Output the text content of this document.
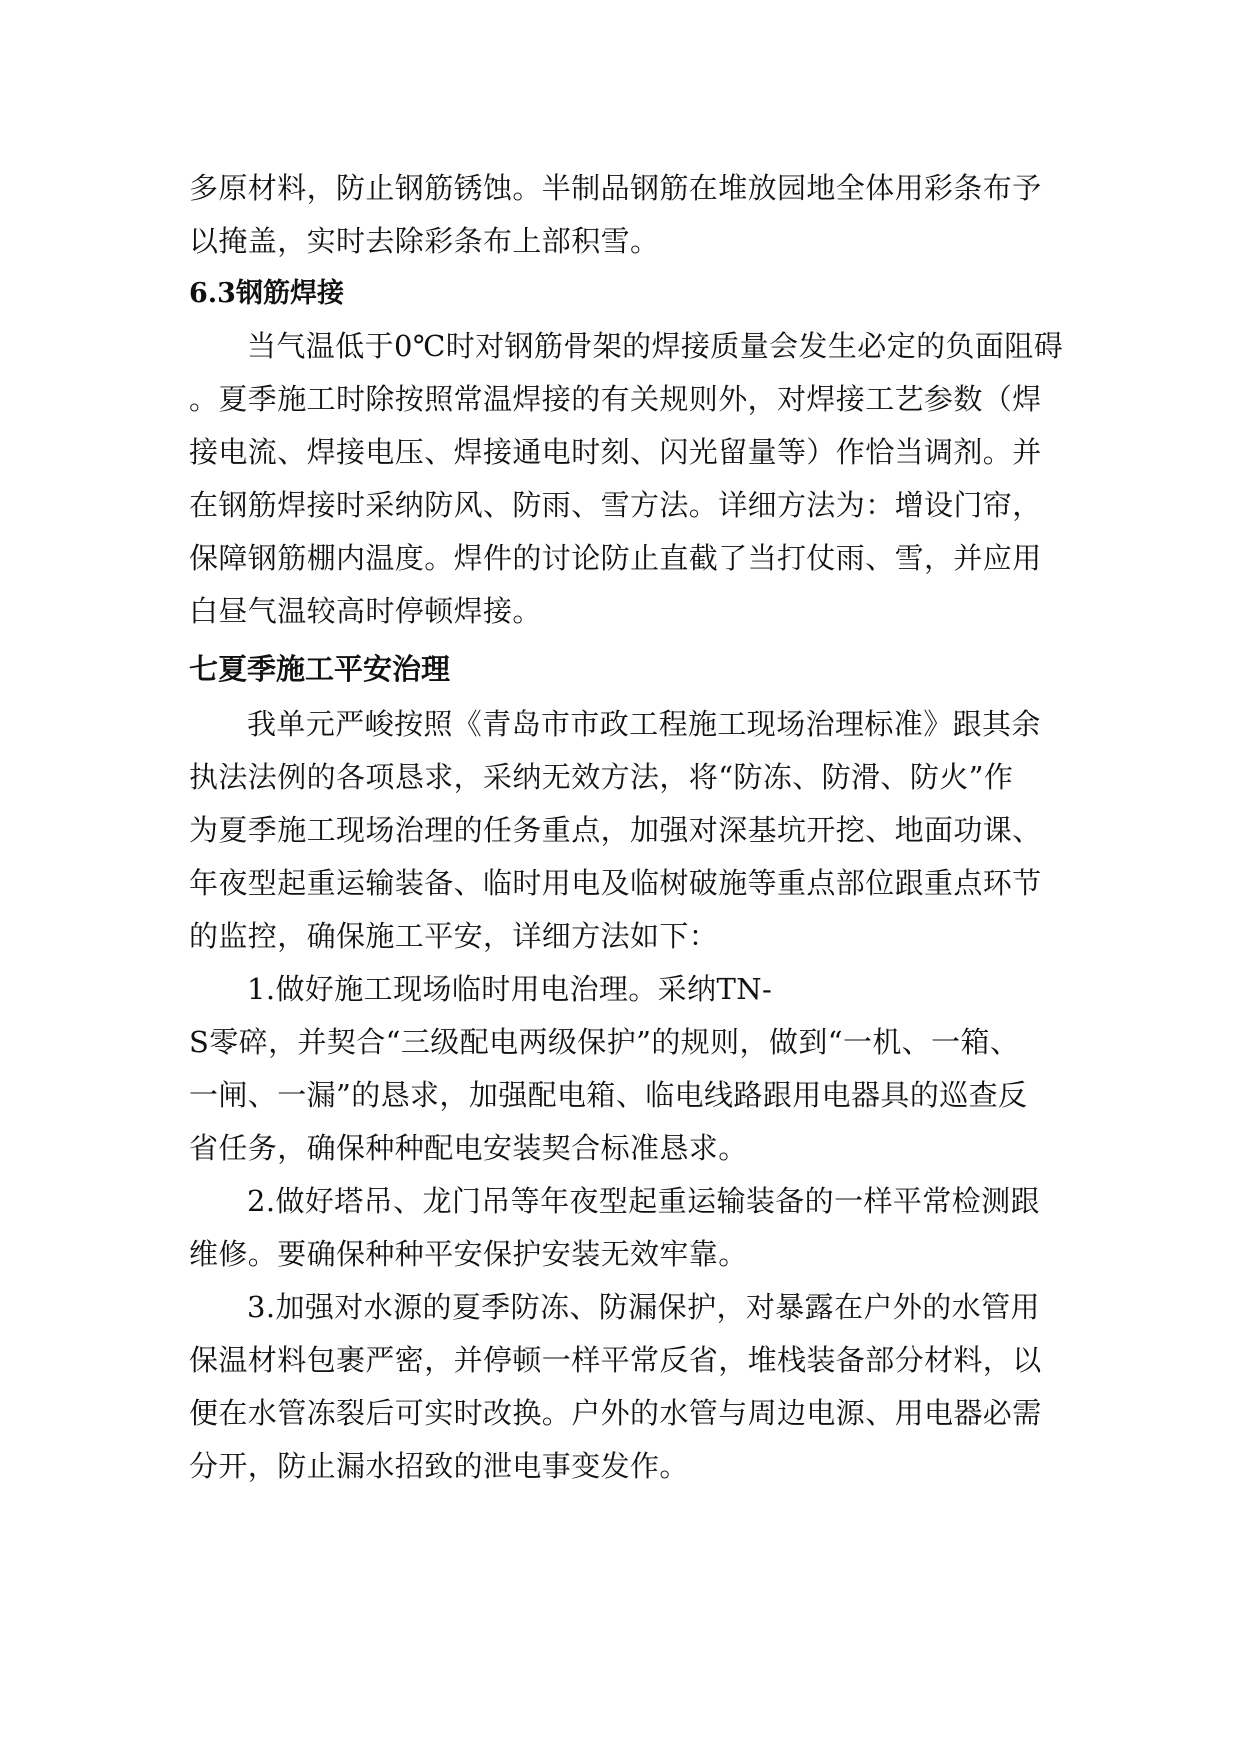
多原材料，防止钢筋锈蚀。半制品钢筋在堆放园地全体用彩条布予
以掩盖，实时去除彩条布上部积雪。
6.3钢筋焊接
当气温低于0℃时对钢筋骨架的焊接质量会发生必定的负面阻碍
。夏季施工时除按照常温焊接的有关规则外，对焊接工艺参数（焊
接电流、焊接电压、焊接通电时刻、闪光留量等）作恰当调剂。并
在钢筋焊接时采纳防风、防雨、雪方法。详细方法为：增设门帘，
保障钢筋棚内温度。焊件的讨论防止直截了当打仗雨、雪，并应用
白昼气温较高时停顿焊接。
七夏季施工平安治理
我单元严峻按照《青岛市市政工程施工现场治理标准》跟其余
执法法例的各项恳求，采纳无效方法，将“防冻、防滑、防火”作
为夏季施工现场治理的任务重点，加强对深基坑开挖、地面功课、
年夜型起重运输装备、临时用电及临树破施等重点部位跟重点环节
的监控，确保施工平安，详细方法如下：
1.做好施工现场临时用电治理。采纳TN-
S零碎，并契合“三级配电两级保护”的规则，做到“一机、一箱、
一闸、一漏”的恳求，加强配电箱、临电线路跟用电器具的巡查反
省任务，确保种种配电安装契合标准恳求。
2.做好塔吊、龙门吊等年夜型起重运输装备的一样平常检测跟
维修。要确保种种平安保护安装无效牢靠。
3.加强对水源的夏季防冻、防漏保护，对暴露在户外的水管用
保温材料包裹严密，并停顿一样平常反省，堆栈装备部分材料，以
便在水管冻裂后可实时改换。户外的水管与周边电源、用电器必需
分开，防止漏水招致的泄电事变发作。
